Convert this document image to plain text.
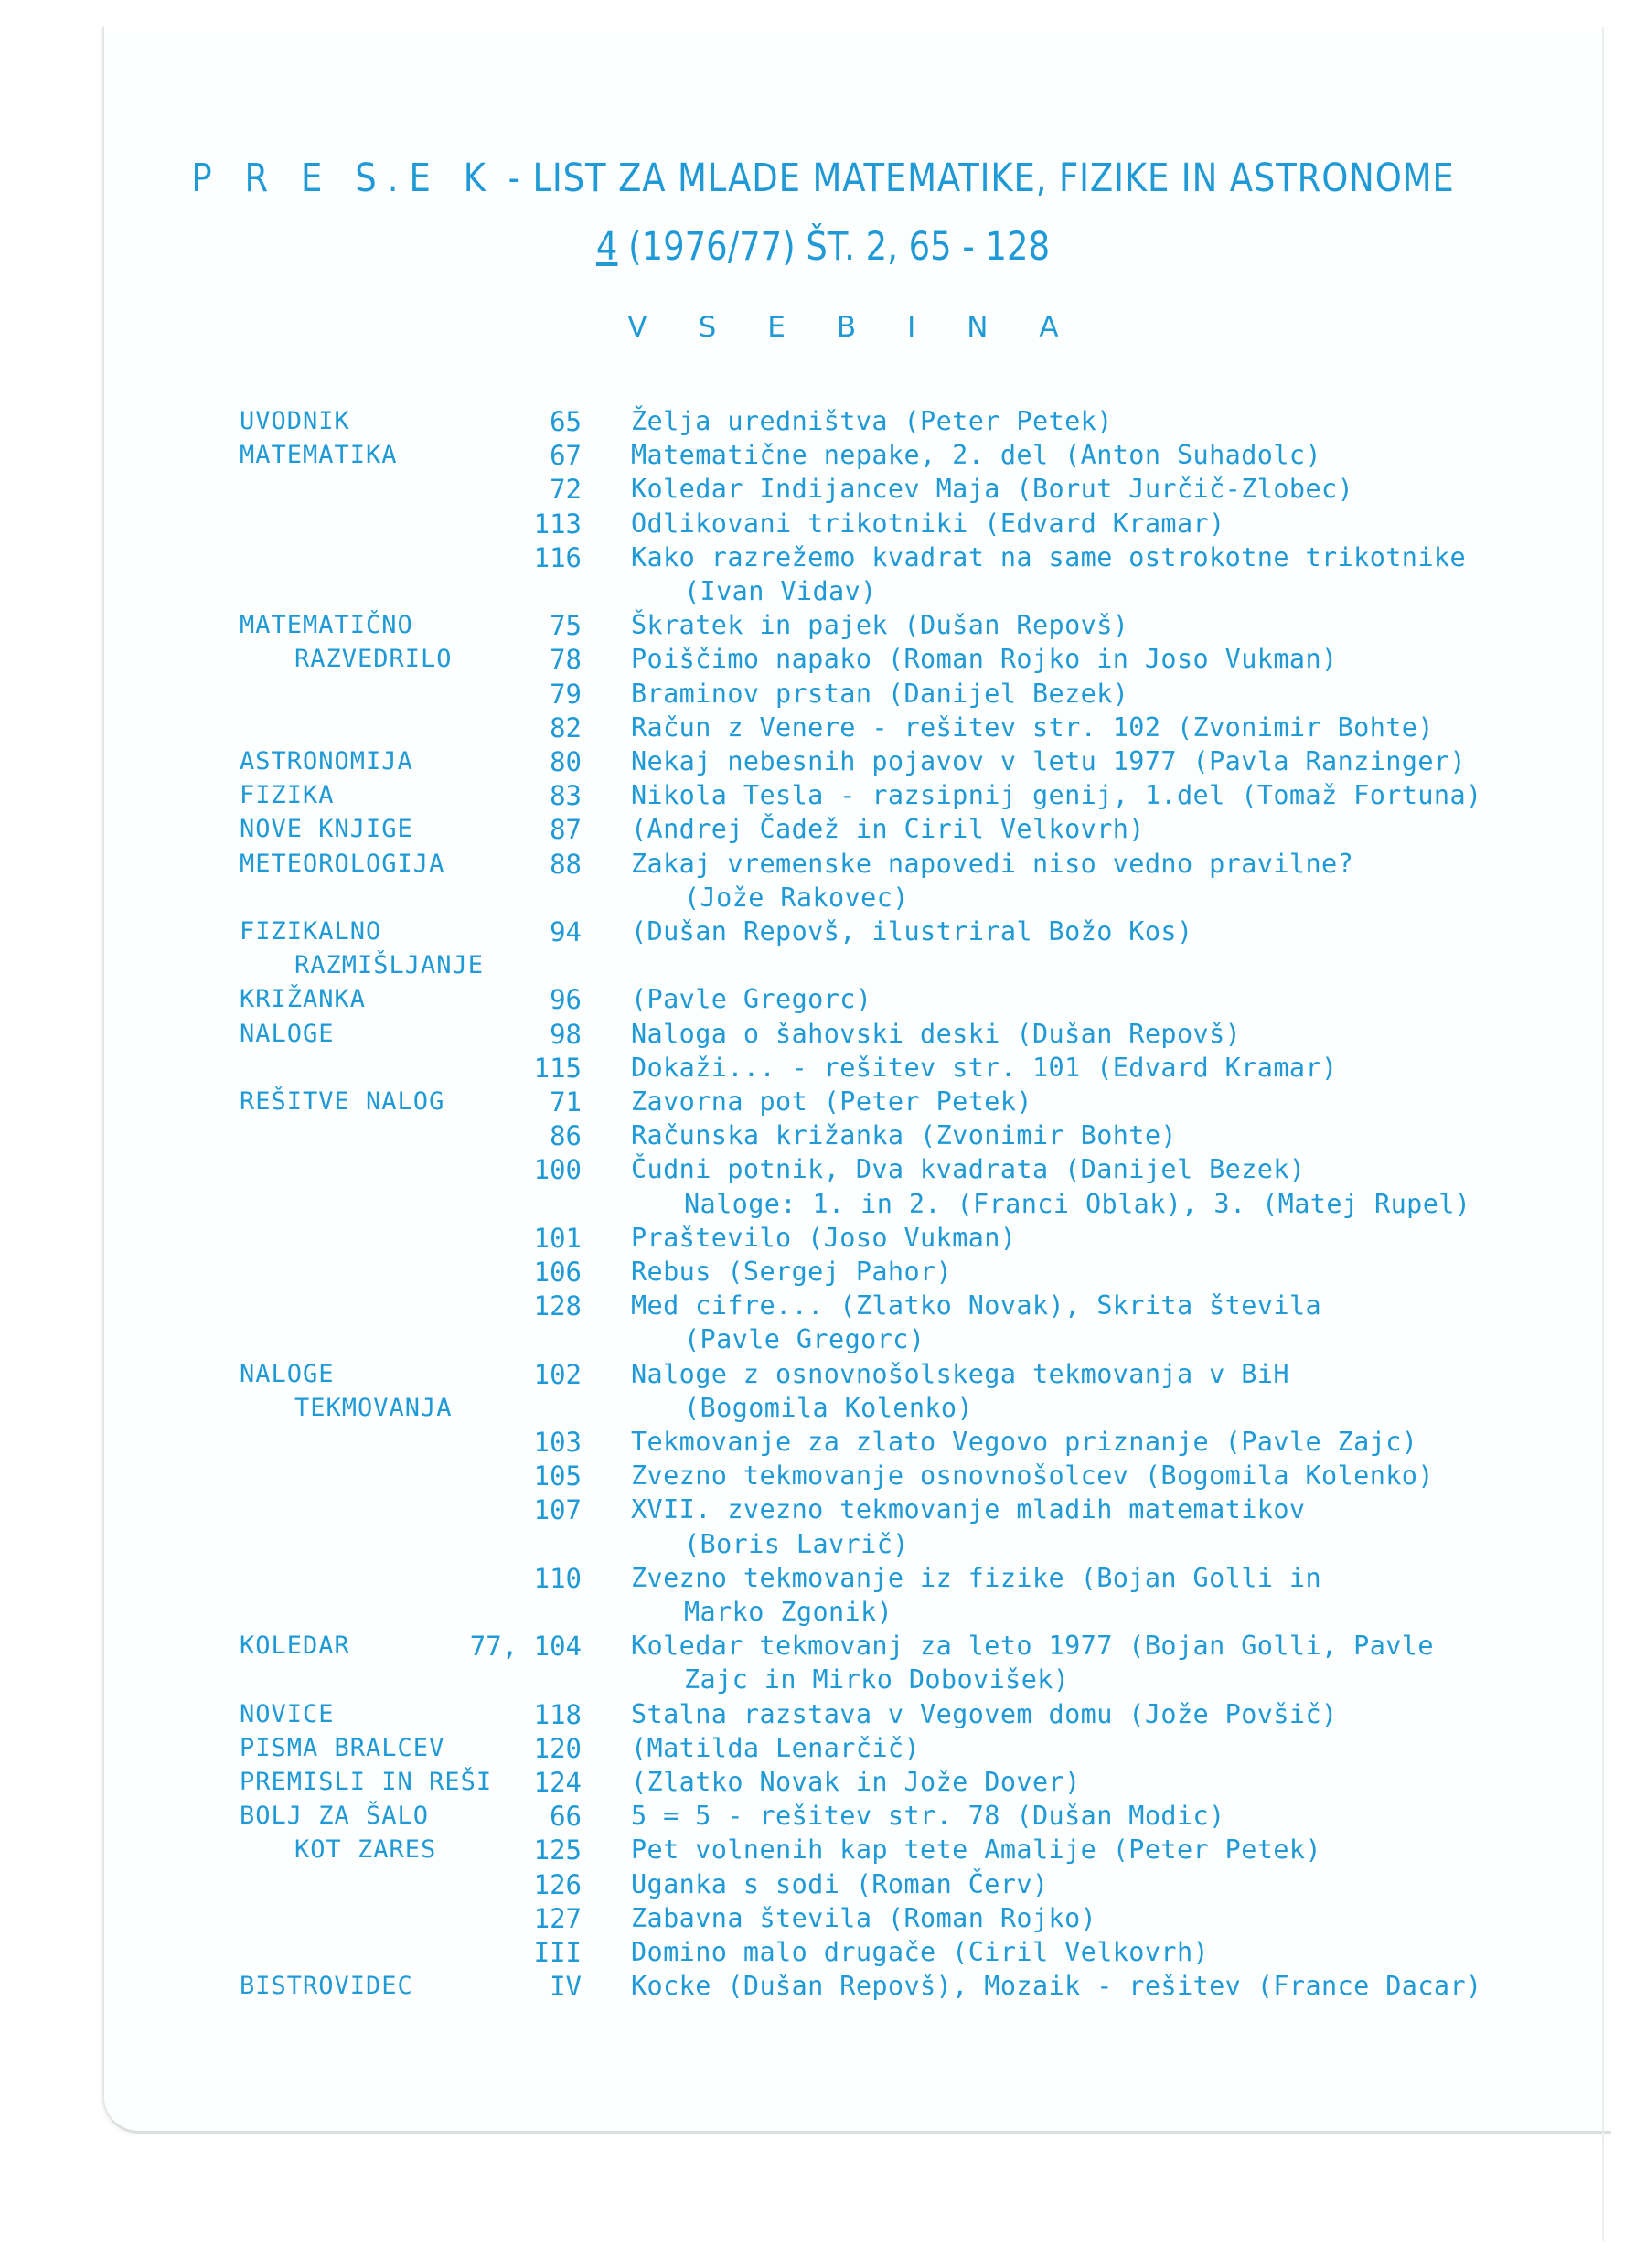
P R E S.E K - LIST ZA MLADE MATEMATIKE, FIZIKE IN ASTRONOME
4 (1976/77) ŠT. 2, 65 - 128
VSEBINA
UVODNIK	65 Želja uredništva (Peter Petek)
MATEMATIKA	67 Matematične nepake, 2. del (Anton Suhadolc)
72 Koledar Indijancev Maja (Borut Jurčič-Zlobec)
113 Odlikovani trikotniki (Edvard Kramar)
116 Kako razrežemo kvadrat na same ostrokotne trikotnike
(Ivan Vidav)
MATEMATIČNO	75 Škratek in pajek (Dušan Repovš)
RAZVEDRILO	78 Poiščimo napako (Roman Rojko in Joso Vukman)
79 Braminov prstan (Danijel Bezek)
82 Račun z Venere - rešitev str. 102 (Zvonimir Bohte)
ASTRONOMIJA	80 Nekaj nebesnih pojavov v letu 1977 (Pavla Ranzinger)
FIZIKA	83 Nikola Tesla - razsipnij genij, 1.del (Tomaž Fortuna)
NOVE KNJIGE	87 (Andrej Čadež in Ciril Velkovrh)
METEOROLOGIJA	88 Zakaj vremenske napovedi niso vedno pravilne?
(Jože Rakovec)
FIZIKALNO	94 (Dušan Repovš, ilustriral Božo Kos)
RAZMIŠLJANJE
KRIŽANKA	96 (Pavle Gregorc)
NALOGE	98 Naloga o šahovski deski (Dušan Repovš)
115 Dokaži... - rešitev str. 101 (Edvard Kramar)
REŠITVE NALOG	71 Zavorna pot (Peter Petek)
86 Računska križanka (Zvonimir Bohte)
100 Čudni potnik, Dva kvadrata (Danijel Bezek)
Naloge: 1. in 2. (Franci Oblak), 3. (Matej Rupel)
101 Praštevilo (Joso Vukman)
106 Rebus (Sergej Pahor)
128 Med cifre... (Zlatko Novak), Skrita števila
(Pavle Gregorc)
NALOGE	102 Naloge z osnovnošolskega tekmovanja v BiH
TEKMOVANJA	(Bogomila Kolenko)
103 Tekmovanje za zlato Vegovo priznanje (Pavle Zajc)
105 Zvezno tekmovanje osnovnošolcev (Bogomila Kolenko)
107 XVII. zvezno tekmovanje mladih matematikov
(Boris Lavrič)
110 Zvezno tekmovanje iz fizike (Bojan Golli in
Marko Zgonik)
KOLEDAR	77, 104 Koledar tekmovanj za leto 1977 (Bojan Golli, Pavle
Zajc in Mirko Dobovišek)
NOVICE	118 Stalna razstava v Vegovem domu (Jože Povšič)
PISMA BRALCEV	120 (Matilda Lenarčič)
PREMISLI IN REŠI	124 (Zlatko Novak in Jože Dover)
BOLJ ZA ŠALO	66 5 = 5 - rešitev str. 78 (Dušan Modic)
KOT ZARES	125 Pet volnenih kap tete Amalije (Peter Petek)
126 Uganka s sodi (Roman Červ)
127 Zabavna števila (Roman Rojko)
III Domino malo drugače (Ciril Velkovrh)
BISTROVIDEC	IV Kocke (Dušan Repovš), Mozaik - rešitev (France Dacar)
